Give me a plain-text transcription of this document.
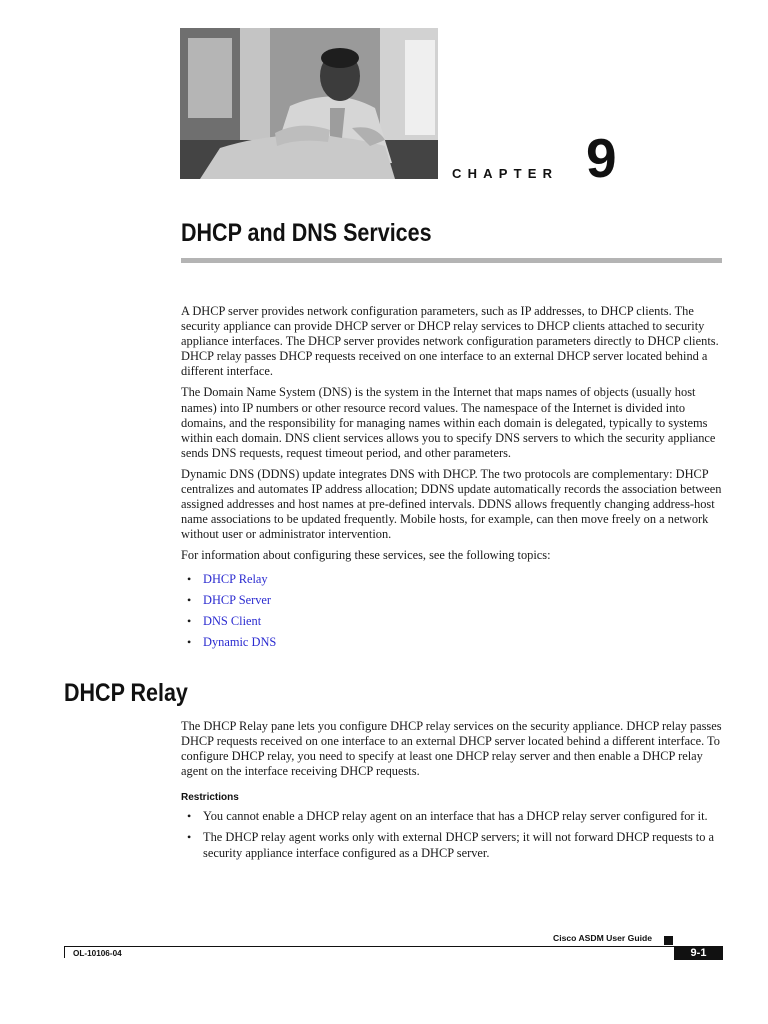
CHAPTER 9
DHCP and DNS Services

A DHCP server provides network configuration parameters, such as IP addresses, to DHCP clients. The security appliance can provide DHCP server or DHCP relay services to DHCP clients attached to security appliance interfaces. The DHCP server provides network configuration parameters directly to DHCP clients. DHCP relay passes DHCP requests received on one interface to an external DHCP server located behind a different interface.

The Domain Name System (DNS) is the system in the Internet that maps names of objects (usually host names) into IP numbers or other resource record values. The namespace of the Internet is divided into domains, and the responsibility for managing names within each domain is delegated, typically to systems within each domain. DNS client services allows you to specify DNS servers to which the security appliance sends DNS requests, request timeout period, and other parameters.

Dynamic DNS (DDNS) update integrates DNS with DHCP. The two protocols are complementary: DHCP centralizes and automates IP address allocation; DDNS update automatically records the association between assigned addresses and host names at pre-defined intervals. DDNS allows frequently changing address-host name associations to be updated frequently. Mobile hosts, for example, can then move freely on a network without user or administrator intervention.

For information about configuring these services, see the following topics:

• DHCP Relay
• DHCP Server
• DNS Client
• Dynamic DNS
DHCP Relay

The DHCP Relay pane lets you configure DHCP relay services on the security appliance. DHCP relay passes DHCP requests received on one interface to an external DHCP server located behind a different interface. To configure DHCP relay, you need to specify at least one DHCP relay server and then enable a DHCP relay agent on the interface receiving DHCP requests.

Restrictions
• You cannot enable a DHCP relay agent on an interface that has a DHCP relay server configured for it.
• The DHCP relay agent works only with external DHCP servers; it will not forward DHCP requests to a security appliance interface configured as a DHCP server.
Cisco ASDM User Guide
OL-10106-04	9-1
